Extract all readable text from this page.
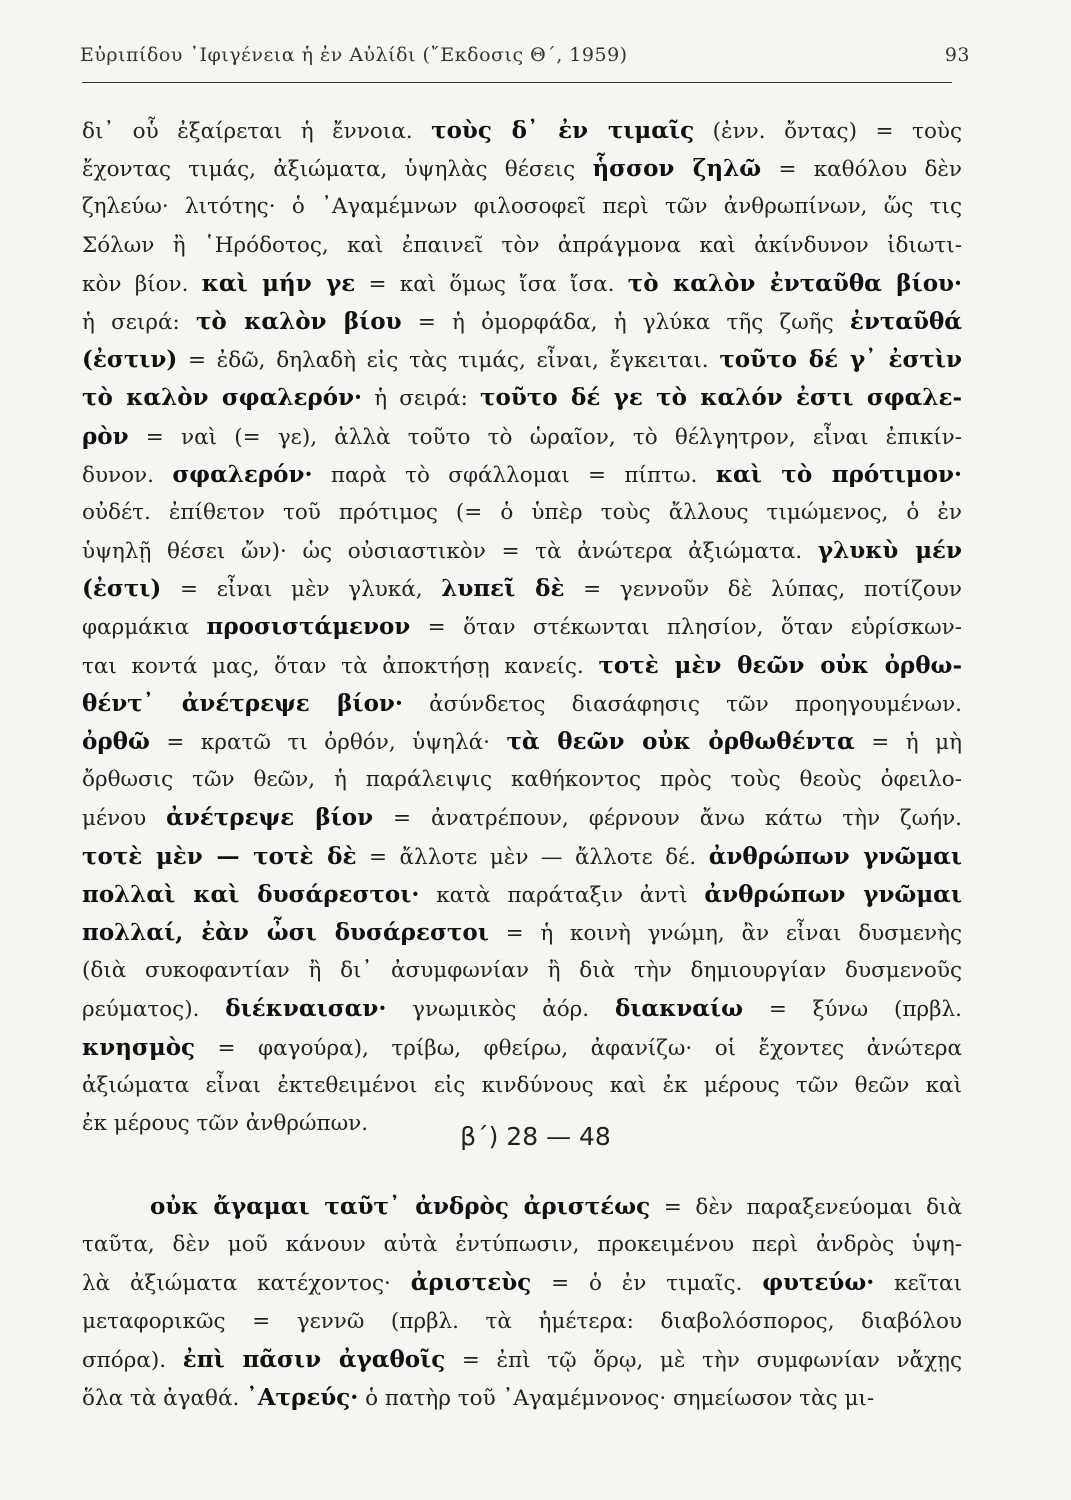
Εὐριπίδου ᾿Ιφιγένεια ἡ ἐν Αὐλίδι (῎Εκδοσις Θ΄, 1959)	93
δι᾿ οὗ ἐξαίρεται ἡ ἔννοια. τοὺς δ᾿ ἐν τιμαῖς (ἐνν. ὄντας) = τοὺς
ἔχοντας τιμάς, ἀξιώματα, ὑψηλὰς θέσεις ἧσσον ζηλῶ = καθόλου δὲν
ζηλεύω· λιτότης· ὁ ᾿Αγαμέμνων φιλοσοφεῖ περὶ τῶν ἀνθρωπίνων, ὥς τις
Σόλων ἢ ῾Ηρόδοτος, καὶ ἐπαινεῖ τὸν ἀπράγμονα καὶ ἀκίνδυνον ἰδιωτι-
κὸν βίον. καὶ μήν γε = καὶ ὅμως ἴσα ἴσα. τὸ καλὸν ἐνταῦθα βίου·
ἡ σειρά: τὸ καλὸν βίου = ἡ ὀμορφάδα, ἡ γλύκα τῆς ζωῆς ἐνταῦθά
(ἐστιν) = ἐδῶ, δηλαδὴ εἰς τὰς τιμάς, εἶναι, ἔγκειται. τοῦτο δέ γ᾿ ἐστὶν
τὸ καλὸν σφαλερόν· ἡ σειρά: τοῦτο δέ γε τὸ καλόν ἐστι σφαλε-
ρὸν = ναὶ (= γε), ἀλλὰ τοῦτο τὸ ὡραῖον, τὸ θέλγητρον, εἶναι ἐπικίν-
δυνον. σφαλερόν· παρὰ τὸ σφάλλομαι = πίπτω. καὶ τὸ πρότιμον·
οὐδέτ. ἐπίθετον τοῦ πρότιμος (= ὁ ὑπὲρ τοὺς ἄλλους τιμώμενος, ὁ ἐν
ὑψηλῇ θέσει ὤν)· ὡς οὐσιαστικὸν = τὰ ἀνώτερα ἀξιώματα. γλυκὺ μέν
(ἐστι) = εἶναι μὲν γλυκά, λυπεῖ δὲ = γεννοῦν δὲ λύπας, ποτίζουν
φαρμάκια προσιστάμενον = ὅταν στέκωνται πλησίον, ὅταν εὑρίσκων-
ται κοντά μας, ὅταν τὰ ἀποκτήσῃ κανείς. τοτὲ μὲν θεῶν οὐκ ὀρθω-
θέντ᾿ ἀνέτρεψε βίον· ἀσύνδετος διασάφησις τῶν προηγουμένων.
ὀρθῶ = κρατῶ τι ὀρθόν, ὑψηλά· τὰ θεῶν οὐκ ὀρθωθέντα = ἡ μὴ
ὄρθωσις τῶν θεῶν, ἡ παράλειψις καθήκοντος πρὸς τοὺς θεοὺς ὀφειλο-
μένου ἀνέτρεψε βίον = ἀνατρέπουν, φέρνουν ἄνω κάτω τὴν ζωήν.
τοτὲ μὲν — τοτὲ δὲ = ἄλλοτε μὲν — ἄλλοτε δέ. ἀνθρώπων γνῶμαι
πολλαὶ καὶ δυσάρεστοι· κατὰ παράταξιν ἀντὶ ἀνθρώπων γνῶμαι
πολλαί, ἐὰν ὦσι δυσάρεστοι = ἡ κοινὴ γνώμη, ἂν εἶναι δυσμενὴς
(διὰ συκοφαντίαν ἢ δι᾿ ἀσυμφωνίαν ἢ διὰ τὴν δημιουργίαν δυσμενοῦς
ρεύματος). διέκναισαν· γνωμικὸς ἀόρ. διακναίω = ξύνω (πρβλ.
κνησμὸς = φαγούρα), τρίβω, φθείρω, ἀφανίζω· οἱ ἔχοντες ἀνώτερα
ἀξιώματα εἶναι ἐκτεθειμένοι εἰς κινδύνους καὶ ἐκ μέρους τῶν θεῶν καὶ
ἐκ μέρους τῶν ἀνθρώπων.	β΄) 28 — 48
οὐκ ἄγαμαι ταῦτ᾿ ἀνδρὸς ἀριστέως = δὲν παραξενεύομαι διὰ
ταῦτα, δὲν μοῦ κάνουν αὐτὰ ἐντύπωσιν, προκειμένου περὶ ἀνδρὸς ὑψη-
λὰ ἀξιώματα κατέχοντος· ἀριστεὺς = ὁ ἐν τιμαῖς. φυτεύω· κεῖται
μεταφορικῶς = γεννῶ (πρβλ. τὰ ἡμέτερα: διαβολόσπορος, διαβόλου
σπόρα). ἐπὶ πᾶσιν ἀγαθοῖς = ἐπὶ τῷ ὅρῳ, μὲ τὴν συμφωνίαν νἄχῃς
ὅλα τὰ ἀγαθά. ᾿Ατρεύς· ὁ πατὴρ τοῦ ᾿Αγαμέμνονος· σημείωσον τὰς μι-
